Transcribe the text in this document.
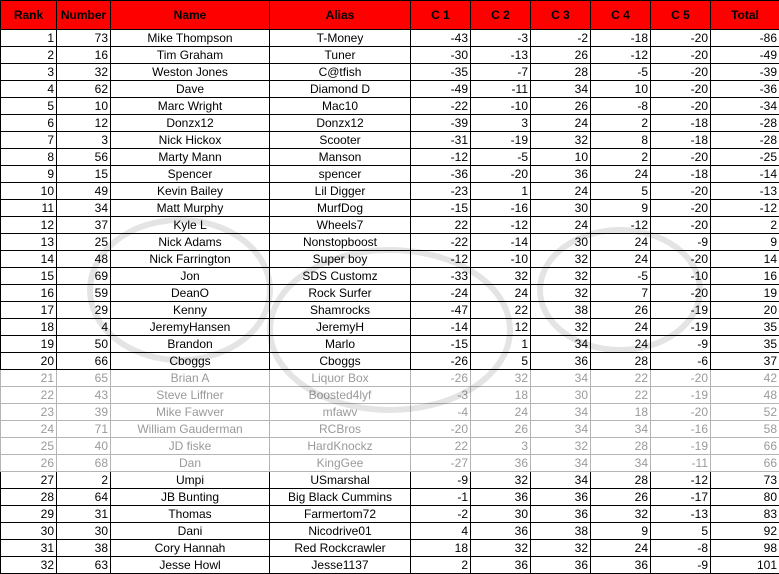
Rank	Number	Name	Alias	C 1	C 2	C 3	C 4	C 5	Total
1	73	Mike Thompson	T-Money	-43	-3	-2	-18	-20	-86
2	16	Tim Graham	Tuner	-30	-13	26	-12	-20	-49
3	32	Weston Jones	C@tfish	-35	-7	28	-5	-20	-39
4	62	Dave	Diamond D	-49	-11	34	10	-20	-36
5	10	Marc Wright	Mac10	-22	-10	26	-8	-20	-34
6	12	Donzx12	Donzx12	-39	3	24	2	-18	-28
7	3	Nick Hickox	Scooter	-31	-19	32	8	-18	-28
8	56	Marty Mann	Manson	-12	-5	10	2	-20	-25
9	15	Spencer	spencer	-36	-20	36	24	-18	-14
10	49	Kevin Bailey	Lil Digger	-23	1	24	5	-20	-13
11	34	Matt Murphy	MurfDog	-15	-16	30	9	-20	-12
12	37	Kyle L	Wheels7	22	-12	24	-12	-20	2
13	25	Nick Adams	Nonstopboost	-22	-14	30	24	-9	9
14	48	Nick Farrington	Super boy	-12	-10	32	24	-20	14
15	69	Jon	SDS Customz	-33	32	32	-5	-10	16
16	59	DeanO	Rock Surfer	-24	24	32	7	-20	19
17	29	Kenny	Shamrocks	-47	22	38	26	-19	20
18	4	JeremyHansen	JeremyH	-14	12	32	24	-19	35
19	50	Brandon	Marlo	-15	1	34	24	-9	35
20	66	Cboggs	Cboggs	-26	5	36	28	-6	37
21	65	Brian A	Liquor Box	-26	32	34	22	-20	42
22	43	Steve Liffner	Boosted4lyf	-3	18	30	22	-19	48
23	39	Mike Fawver	mfawv	-4	24	34	18	-20	52
24	71	William Gauderman	RCBros	-20	26	34	34	-16	58
25	40	JD fiske	HardKnockz	22	3	32	28	-19	66
26	68	Dan	KingGee	-27	36	34	34	-11	66
27	2	Umpi	USmarshal	-9	32	34	28	-12	73
28	64	JB Bunting	Big Black Cummins	-1	36	36	26	-17	80
29	31	Thomas	Farmertom72	-2	30	36	32	-13	83
30	30	Dani	Nicodrive01	4	36	38	9	5	92
31	38	Cory Hannah	Red Rockcrawler	18	32	32	24	-8	98
32	63	Jesse Howl	Jesse1137	2	36	36	36	-9	101
